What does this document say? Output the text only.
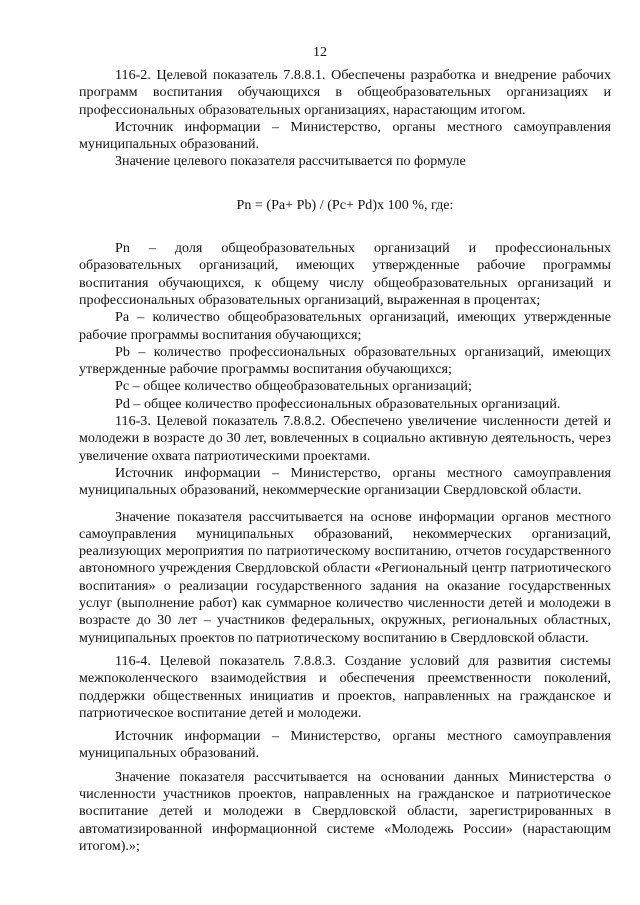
12

116-2. Целевой показатель 7.8.8.1. Обеспечены разработка и внедрение рабочих программ воспитания обучающихся в общеобразовательных организациях и профессиональных образовательных организациях, нарастающим итогом.

Источник информации – Министерство, органы местного самоуправления муниципальных образований.

Значение целевого показателя рассчитывается по формуле

Pn = (Pa+ Pb) / (Pc+ Pd)x 100 %, где:

Pn – доля общеобразовательных организаций и профессиональных образовательных организаций, имеющих утвержденные рабочие программы воспитания обучающихся, к общему числу общеобразовательных организаций и профессиональных образовательных организаций, выраженная в процентах;

Pa – количество общеобразовательных организаций, имеющих утвержденные рабочие программы воспитания обучающихся;

Pb – количество профессиональных образовательных организаций, имеющих утвержденные рабочие программы воспитания обучающихся;

Pc – общее количество общеобразовательных организаций;

Pd – общее количество профессиональных образовательных организаций.

116-3. Целевой показатель 7.8.8.2. Обеспечено увеличение численности детей и молодежи в возрасте до 30 лет, вовлеченных в социально активную деятельность, через увеличение охвата патриотическими проектами.

Источник информации – Министерство, органы местного самоуправления муниципальных образований, некоммерческие организации Свердловской области.

Значение показателя рассчитывается на основе информации органов местного самоуправления муниципальных образований, некоммерческих организаций, реализующих мероприятия по патриотическому воспитанию, отчетов государственного автономного учреждения Свердловской области «Региональный центр патриотического воспитания» о реализации государственного задания на оказание государственных услуг (выполнение работ) как суммарное количество численности детей и молодежи в возрасте до 30 лет – участников федеральных, окружных, региональных областных, муниципальных проектов по патриотическому воспитанию в Свердловской области.

116-4. Целевой показатель 7.8.8.3. Создание условий для развития системы межпоколенческого взаимодействия и обеспечения преемственности поколений, поддержки общественных инициатив и проектов, направленных на гражданское и патриотическое воспитание детей и молодежи.

Источник информации – Министерство, органы местного самоуправления муниципальных образований.

Значение показателя рассчитывается на основании данных Министерства о численности участников проектов, направленных на гражданское и патриотическое воспитание детей и молодежи в Свердловской области, зарегистрированных в автоматизированной информационной системе «Молодежь России» (нарастающим итогом).»;
